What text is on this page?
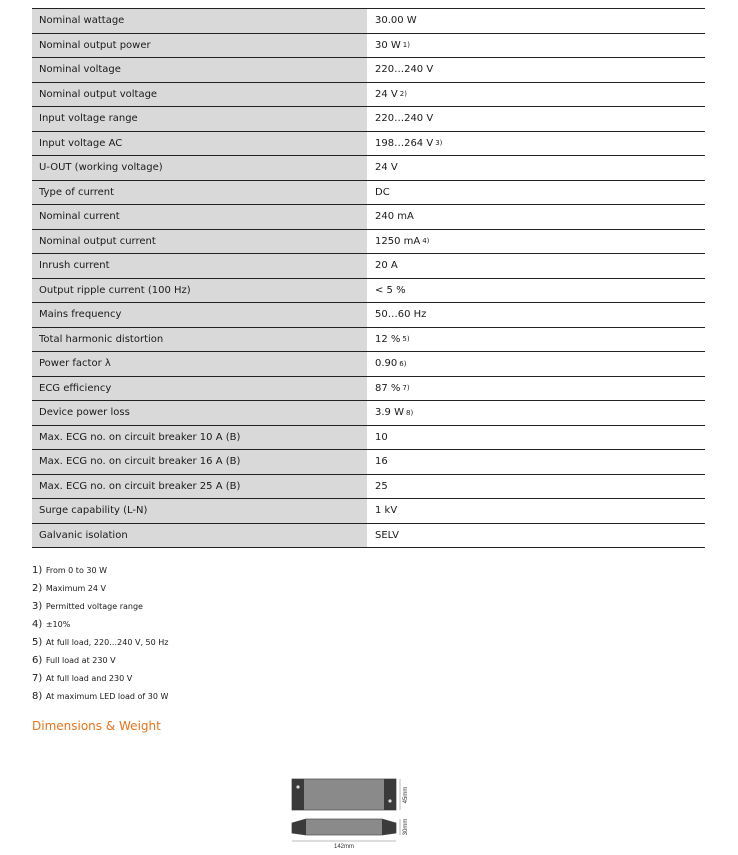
Nominal wattage	30.00 W
Nominal output power	30 W 1)
Nominal voltage	220…240 V
Nominal output voltage	24 V 2)
Input voltage range	220…240 V
Input voltage AC	198…264 V 3)
U-OUT (working voltage)	24 V
Type of current	DC
Nominal current	240 mA
Nominal output current	1250 mA 4)
Inrush current	20 A
Output ripple current (100 Hz)	< 5 %
Mains frequency	50…60 Hz
Total harmonic distortion	12 % 5)
Power factor λ	0.90 6)
ECG efficiency	87 % 7)
Device power loss	3.9 W 8)
Max. ECG no. on circuit breaker 10 A (B)	10
Max. ECG no. on circuit breaker 16 A (B)	16
Max. ECG no. on circuit breaker 25 A (B)	25
Surge capability (L-N)	1 kV
Galvanic isolation	SELV
1) From 0 to 30 W
2) Maximum 24 V
3) Permitted voltage range
4) ±10%
5) At full load, 220…240 V, 50 Hz
6) Full load at 230 V
7) At full load and 230 V
8) At maximum LED load of 30 W
Dimensions & Weight
45mm
30mm
142mm
